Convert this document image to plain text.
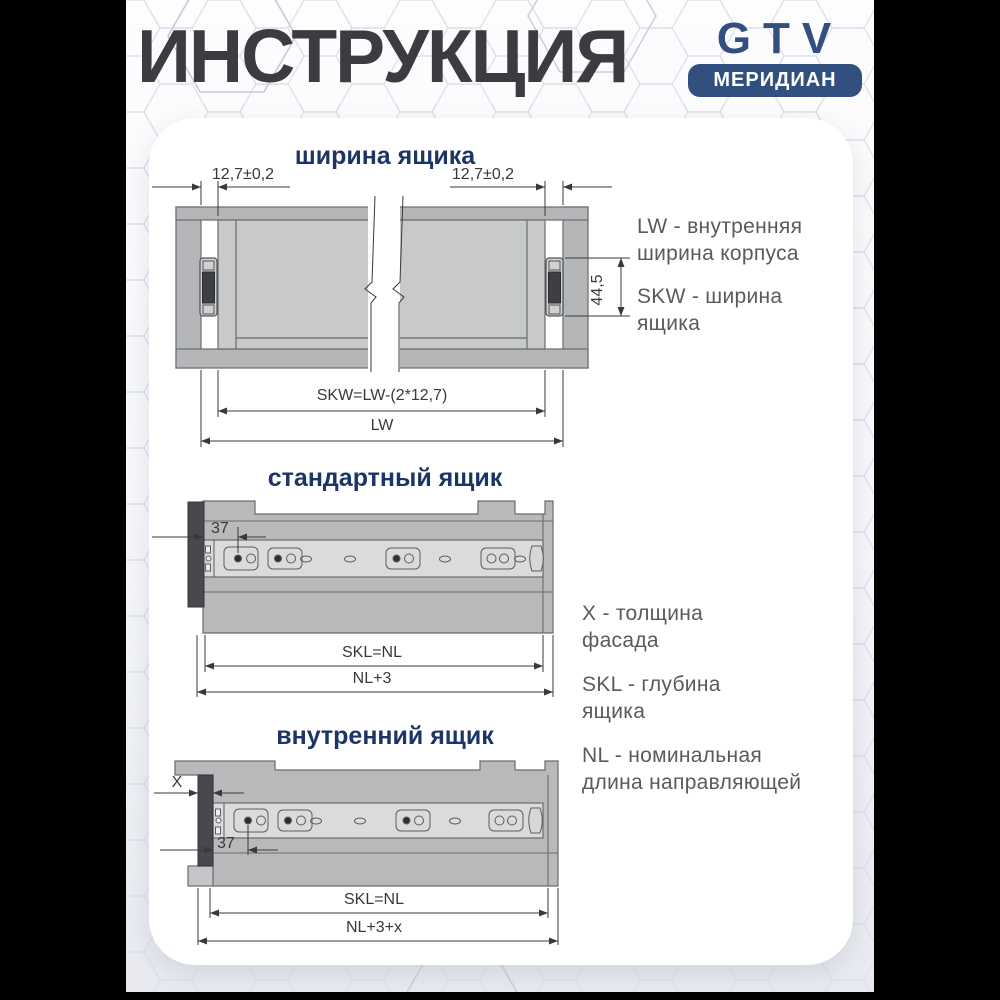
ИНСТРУКЦИЯ	GTV
МЕРИДИАН
ширина ящика
стандартный ящик
внутренний ящик
LW - внутренняя
ширина корпуса
SKW - ширина
ящика
X - толщина
фасада
SKL - глубина
ящика
NL - номинальная
длина направляющей
12,7±0,2	12,7±0,2
44,5
SKW=LW-(2*12,7)
LW
37
SKL=NL
NL+3
X
37
SKL=NL
NL+3+x
